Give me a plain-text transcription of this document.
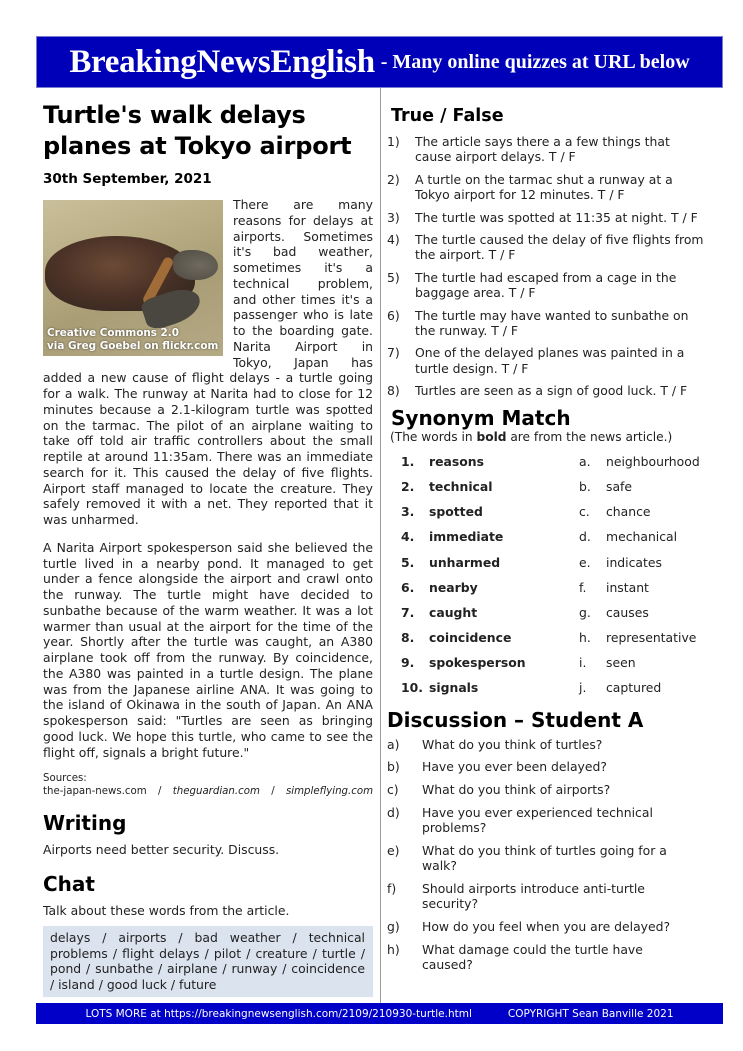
BreakingNewsEnglish - Many online quizzes at URL below
Turtle's walk delays planes at Tokyo airport
30th September, 2021

Creative Commons 2.0
via Greg Goebel on flickr.com
There are many reasons for delays at airports. Sometimes it's bad weather, sometimes it's a technical problem, and other times it's a passenger who is late to the boarding gate. Narita Airport in Tokyo, Japan has added a new cause of flight delays - a turtle going for a walk. The runway at Narita had to close for 12 minutes because a 2.1-kilogram turtle was spotted on the tarmac. The pilot of an airplane waiting to take off told air traffic controllers about the small reptile at around 11:35am. There was an immediate search for it. This caused the delay of five flights. Airport staff managed to locate the creature. They safely removed it with a net. They reported that it was unharmed.

A Narita Airport spokesperson said she believed the turtle lived in a nearby pond. It managed to get under a fence alongside the airport and crawl onto the runway. The turtle might have decided to sunbathe because of the warm weather. It was a lot warmer than usual at the airport for the time of the year. Shortly after the turtle was caught, an A380 airplane took off from the runway. By coincidence, the A380 was painted in a turtle design. The plane was from the Japanese airline ANA. It was going to the island of Okinawa in the south of Japan. An ANA spokesperson said: "Turtles are seen as bringing good luck. We hope this turtle, who came to see the flight off, signals a bright future."

Sources:
the-japan-news.com / theguardian.com / simpleflying.com
Writing
Airports need better security. Discuss.
Chat
Talk about these words from the article.
delays / airports / bad weather / technical problems / flight delays / pilot / creature / turtle / pond / sunbathe / airplane / runway / coincidence / island / good luck / future
True / False
1)	The article says there a a few things that cause airport delays. T / F
2)	A turtle on the tarmac shut a runway at a Tokyo airport for 12 minutes. T / F
3)	The turtle was spotted at 11:35 at night. T / F
4)	The turtle caused the delay of five flights from the airport. T / F
5)	The turtle had escaped from a cage in the baggage area. T / F
6)	The turtle may have wanted to sunbathe on the runway. T / F
7)	One of the delayed planes was painted in a turtle design. T / F
8)	Turtles are seen as a sign of good luck. T / F
Synonym Match
(The words in bold are from the news article.)
1.	reasons	a.	neighbourhood
2.	technical	b.	safe
3.	spotted	c.	chance
4.	immediate	d.	mechanical
5.	unharmed	e.	indicates
6.	nearby	f.	instant
7.	caught	g.	causes
8.	coincidence	h.	representative
9.	spokesperson	i.	seen
10. signals	j.	captured
Discussion – Student A
a)	What do you think of turtles?
b)	Have you ever been delayed?
c)	What do you think of airports?
d)	Have you ever experienced technical problems?
e)	What do you think of turtles going for a walk?
f)	Should airports introduce anti-turtle security?
g)	How do you feel when you are delayed?
h)	What damage could the turtle have caused?
LOTS MORE at https://breakingnewsenglish.com/2109/210930-turtle.html	COPYRIGHT Sean Banville 2021
